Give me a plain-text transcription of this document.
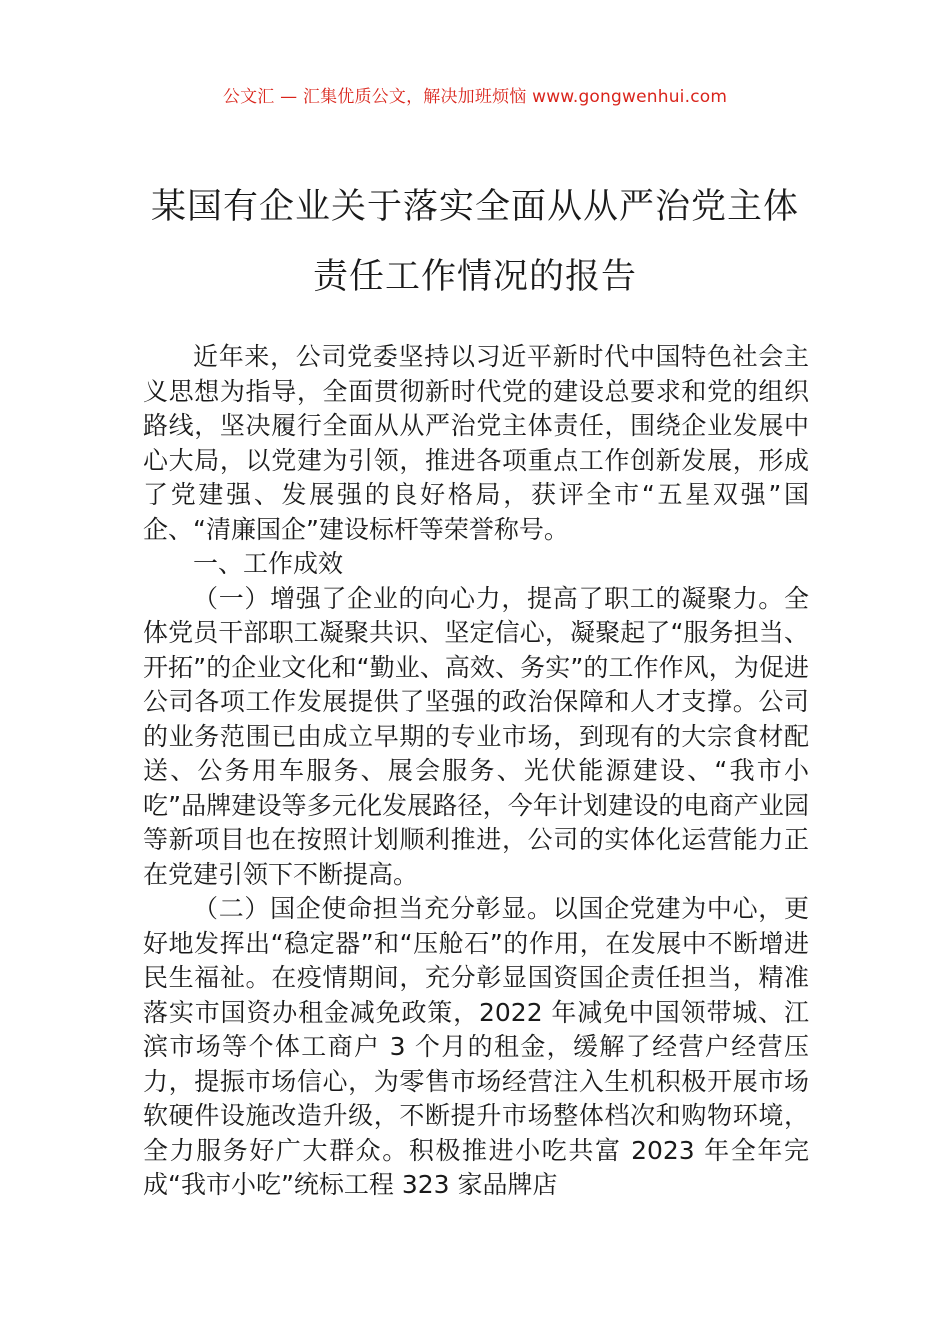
公文汇 — 汇集优质公文，解决加班烦恼 www.gongwenhui.com
某国有企业关于落实全面从从严治党主体
责任工作情况的报告

近年来，公司党委坚持以习近平新时代中国特色社会主义思想为指导，全面贯彻新时代党的建设总要求和党的组织路线，坚决履行全面从从严治党主体责任，围绕企业发展中心大局，以党建为引领，推进各项重点工作创新发展，形成了党建强、发展强的良好格局，获评全市“五星双强”国企、“清廉国企”建设标杆等荣誉称号。

一、工作成效

（一）增强了企业的向心力，提高了职工的凝聚力。全体党员干部职工凝聚共识、坚定信心，凝聚起了“服务担当、开拓”的企业文化和“勤业、高效、务实”的工作作风，为促进公司各项工作发展提供了坚强的政治保障和人才支撑。公司的业务范围已由成立早期的专业市场，到现有的大宗食材配送、公务用车服务、展会服务、光伏能源建设、“我市小吃”品牌建设等多元化发展路径，今年计划建设的电商产业园等新项目也在按照计划顺利推进，公司的实体化运营能力正在党建引领下不断提高。

（二）国企使命担当充分彰显。以国企党建为中心，更好地发挥出“稳定器”和“压舱石”的作用，在发展中不断增进民生福祉。在疫情期间，充分彰显国资国企责任担当，精准落实市国资办租金减免政策，2022 年减免中国领带城、江滨市场等个体工商户 3 个月的租金，缓解了经营户经营压力，提振市场信心，为零售市场经营注入生机积极开展市场软硬件设施改造升级，不断提升市场整体档次和购物环境，全力服务好广大群众。积极推进小吃共富 2023 年全年完成“我市小吃”统标工程 323 家品牌店
